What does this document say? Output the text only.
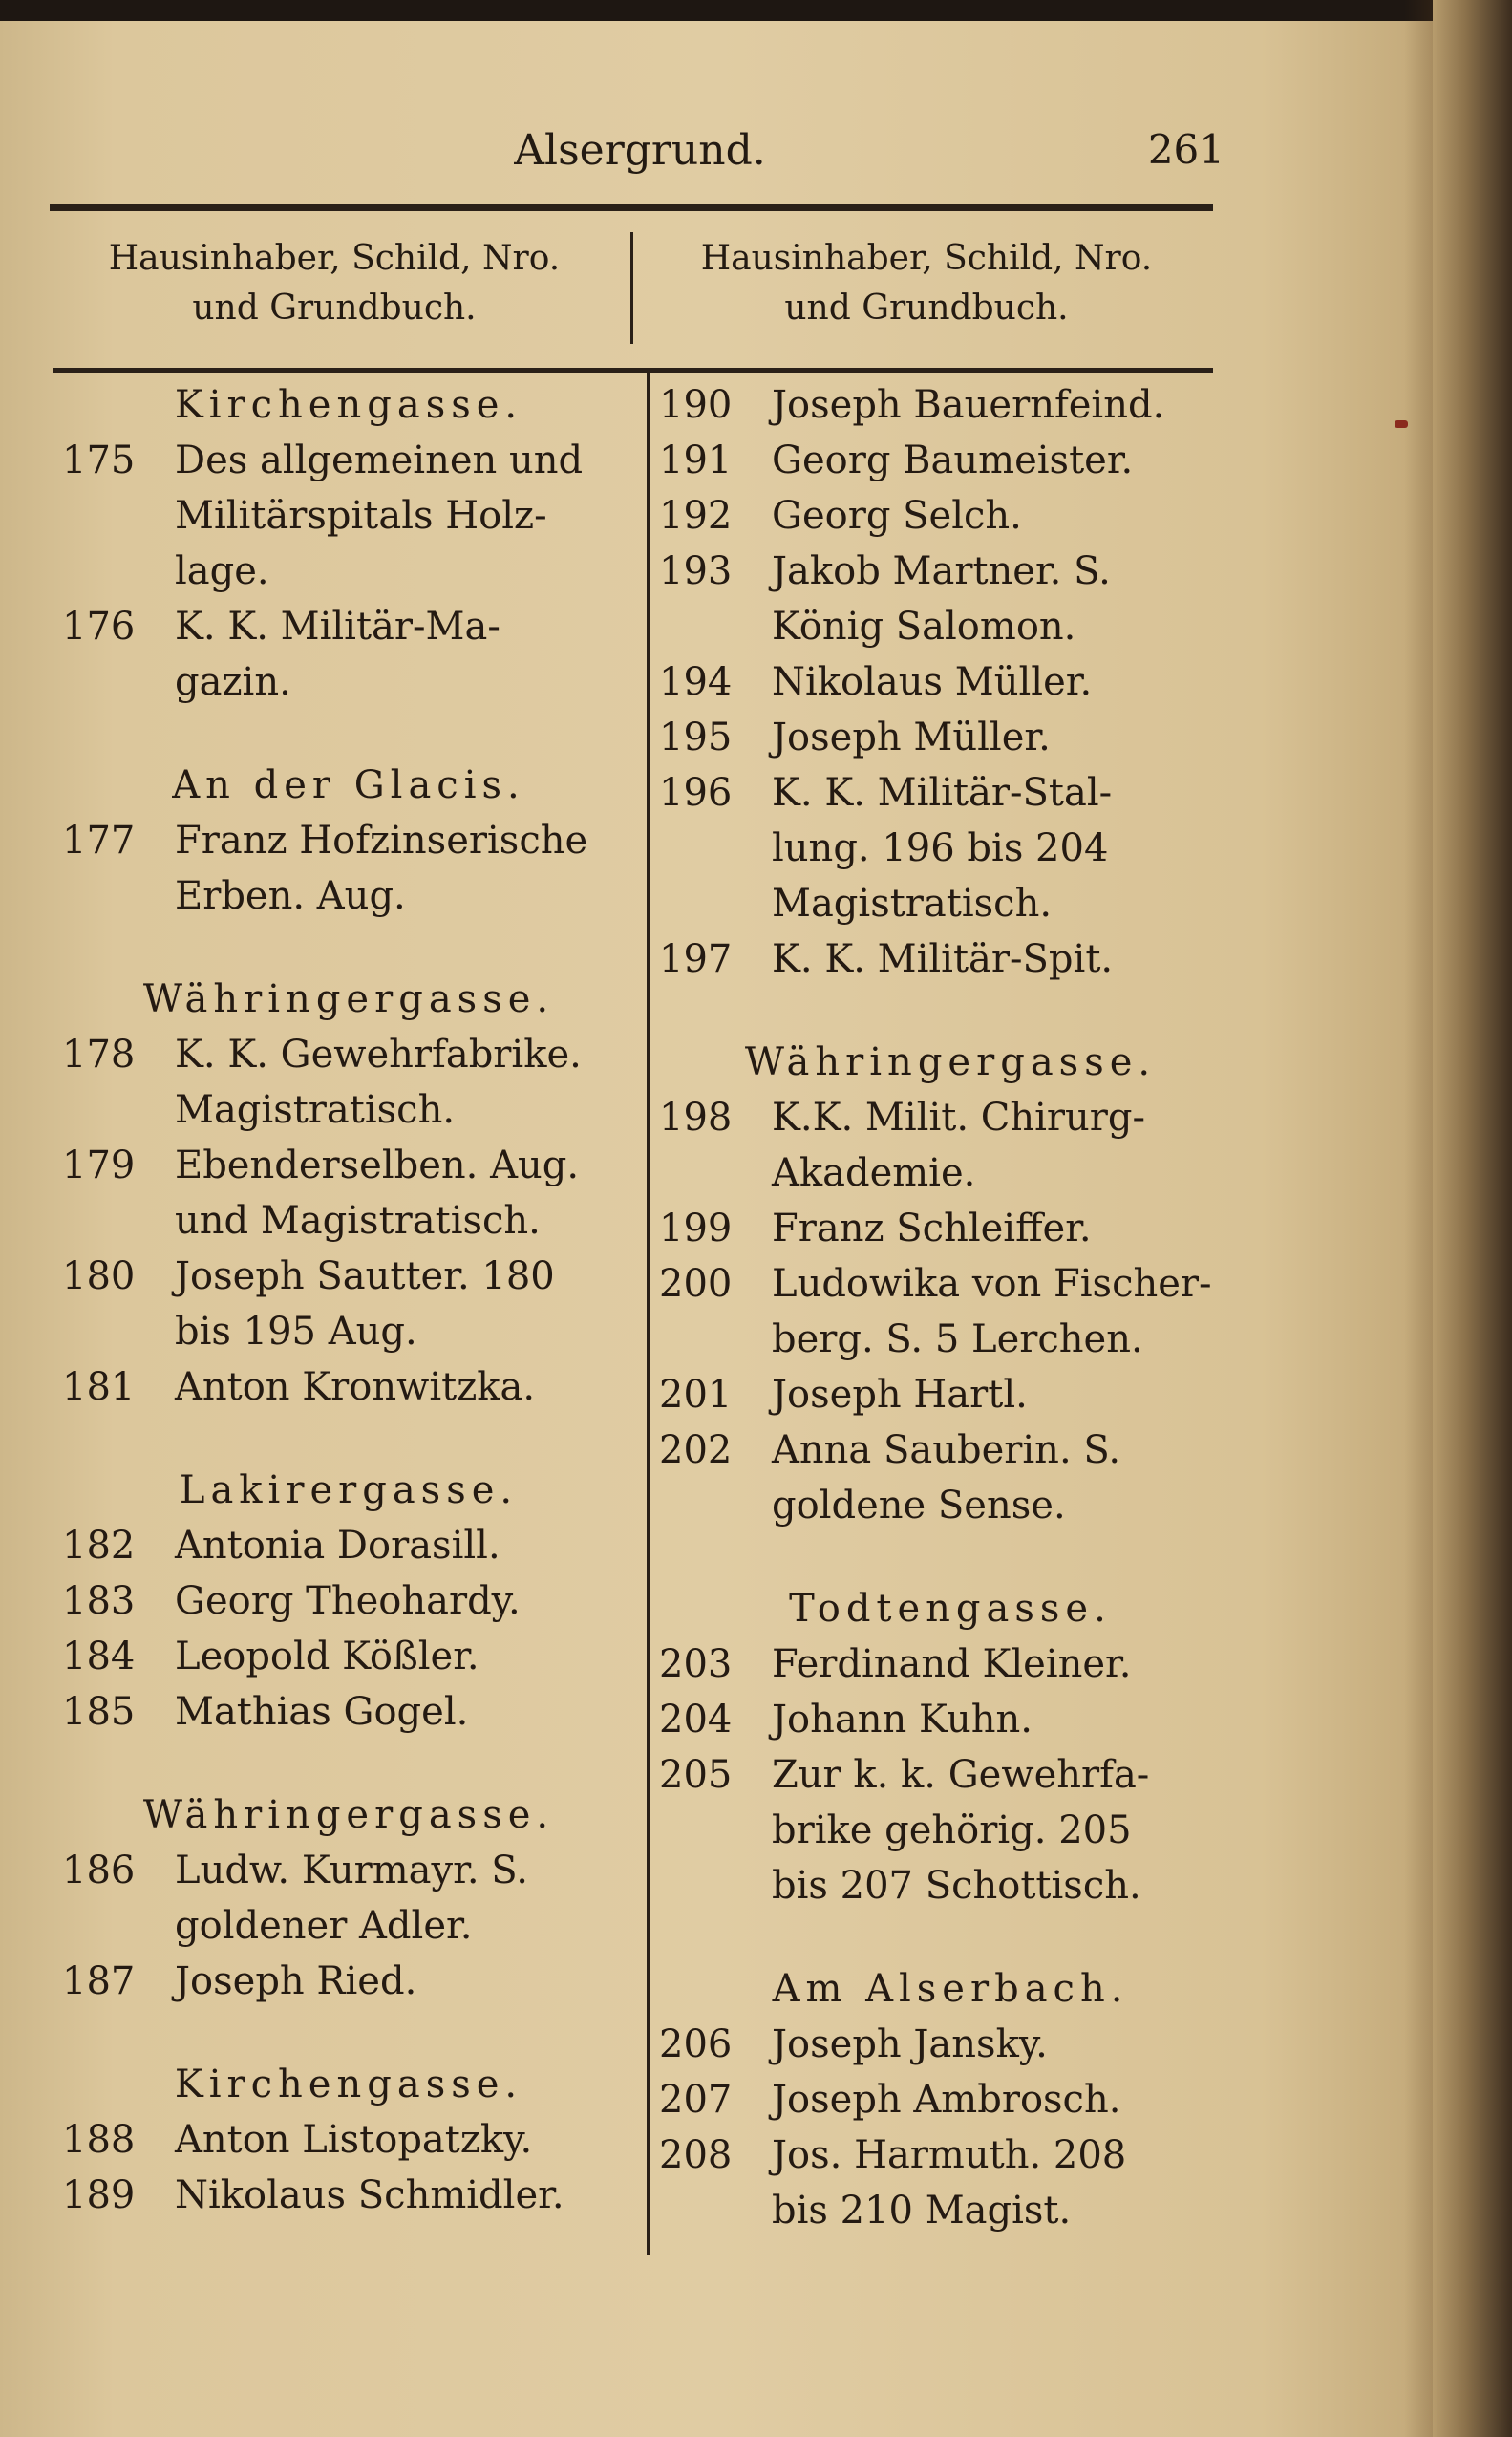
Alsergrund.	261
Hausinhaber, Schild, Nro.
und Grundbuch.
Hausinhaber, Schild, Nro.
und Grundbuch.
Kirchengasse.
175	Des allgemeinen und
Militärspitals Holz-
lage.
176	K. K. Militär-Ma-
gazin.
An der Glacis.
177	Franz Hofzinserische
Erben. Aug.
Währingergasse.
178	K. K. Gewehrfabrike.
Magistratisch.
179	Ebenderselben. Aug.
und Magistratisch.
180	Joseph Sautter. 180
bis 195 Aug.
181	Anton Kronwitzka.
Lakirergasse.
182	Antonia Dorasill.
183	Georg Theohardy.
184	Leopold Kößler.
185	Mathias Gogel.
Währingergasse.
186	Ludw. Kurmayr. S.
goldener Adler.
187	Joseph Ried.
Kirchengasse.
188	Anton Listopatzky.
189	Nikolaus Schmidler.
190	Joseph Bauernfeind.
191	Georg Baumeister.
192	Georg Selch.
193	Jakob Martner. S.
König Salomon.
194	Nikolaus Müller.
195	Joseph Müller.
196	K. K. Militär-Stal-
lung. 196 bis 204
Magistratisch.
197	K. K. Militär-Spit.
Währingergasse.
198	K.K. Milit. Chirurg-
Akademie.
199	Franz Schleiffer.
200	Ludowika von Fischer-
berg. S. 5 Lerchen.
201	Joseph Hartl.
202	Anna Sauberin. S.
goldene Sense.
Todtengasse.
203	Ferdinand Kleiner.
204	Johann Kuhn.
205	Zur k. k. Gewehrfa-
brike gehörig. 205
bis 207 Schottisch.
Am Alserbach.
206	Joseph Jansky.
207	Joseph Ambrosch.
208	Jos. Harmuth. 208
bis 210 Magist.
